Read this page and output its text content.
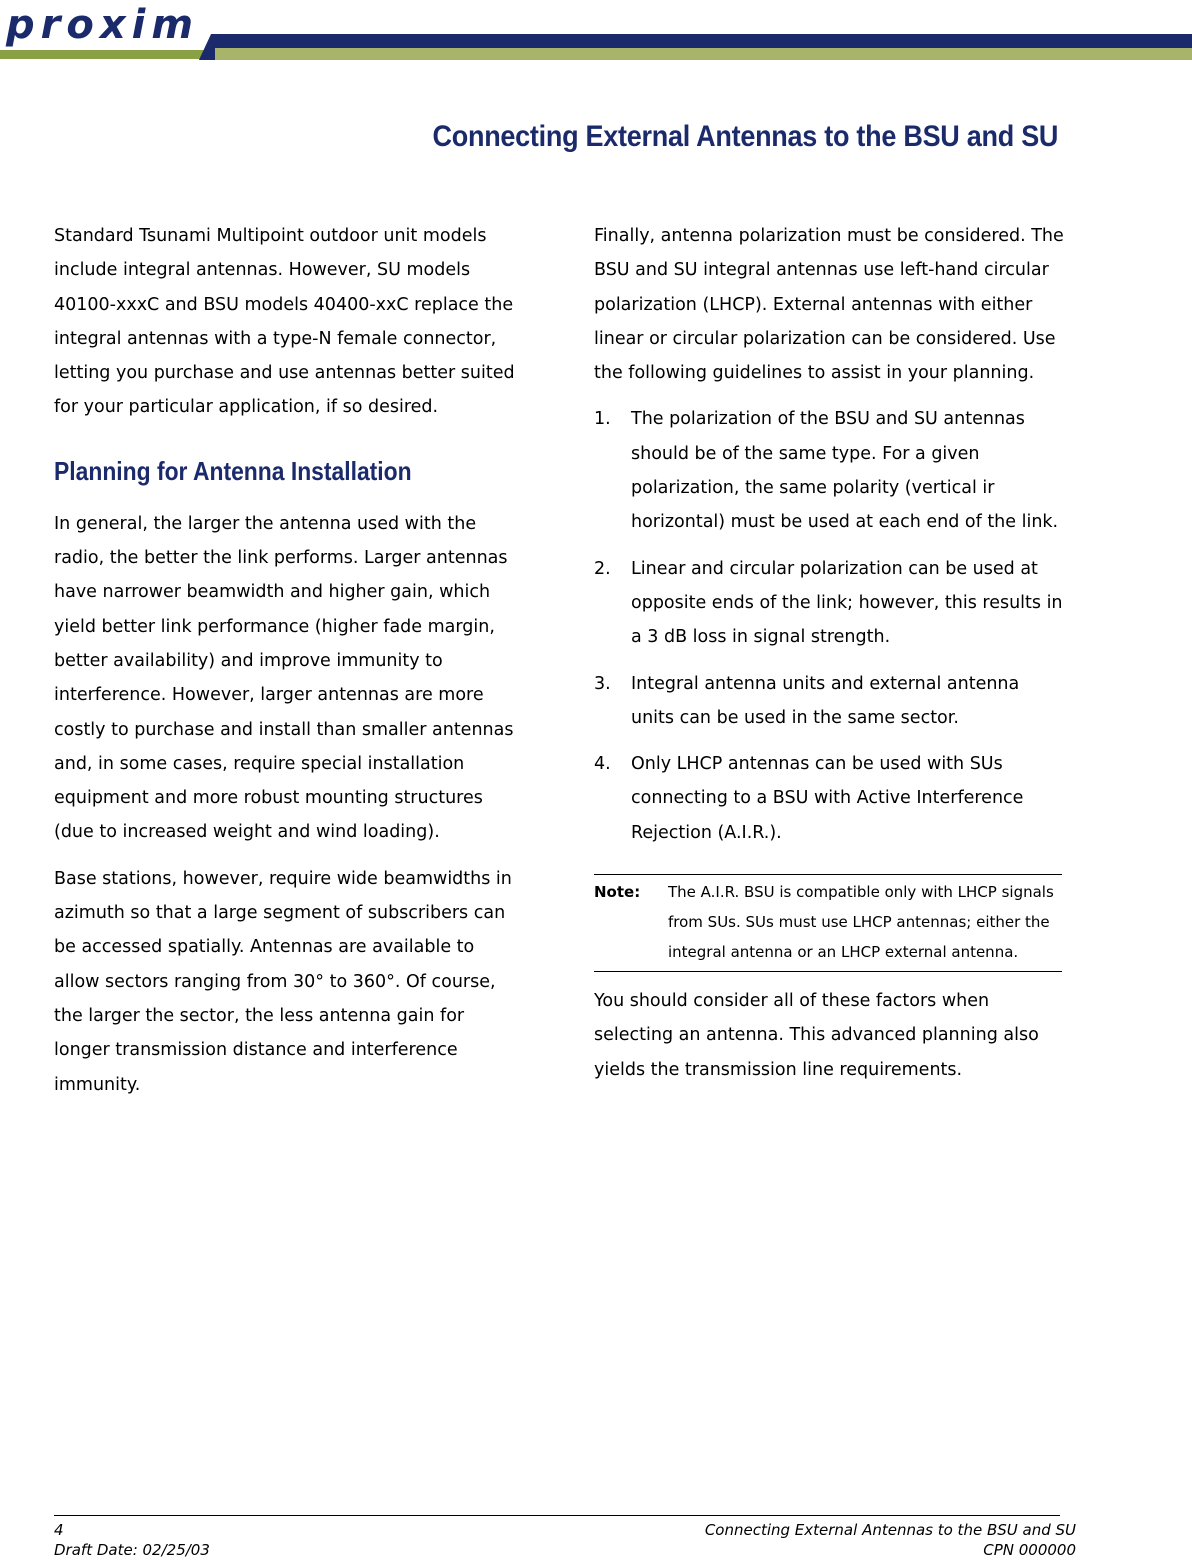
proxim
Connecting External Antennas to the BSU and SU

Standard Tsunami Multipoint outdoor unit models include integral antennas. However, SU models 40100-xxxC and BSU models 40400-xxC replace the integral antennas with a type-N female connector, letting you purchase and use antennas better suited for your particular application, if so desired.

Planning for Antenna Installation

In general, the larger the antenna used with the radio, the better the link performs. Larger antennas have narrower beamwidth and higher gain, which yield better link performance (higher fade margin, better availability) and improve immunity to interference. However, larger antennas are more costly to purchase and install than smaller antennas and, in some cases, require special installation equipment and more robust mounting structures (due to increased weight and wind loading).

Base stations, however, require wide beamwidths in azimuth so that a large segment of subscribers can be accessed spatially. Antennas are available to allow sectors ranging from 30° to 360°. Of course, the larger the sector, the less antenna gain for longer transmission distance and interference immunity.

Finally, antenna polarization must be considered. The BSU and SU integral antennas use left-hand circular polarization (LHCP). External antennas with either linear or circular polarization can be considered. Use the following guidelines to assist in your planning.

1. The polarization of the BSU and SU antennas should be of the same type. For a given polarization, the same polarity (vertical ir horizontal) must be used at each end of the link.
2. Linear and circular polarization can be used at opposite ends of the link; however, this results in a 3 dB loss in signal strength.
3. Integral antenna units and external antenna units can be used in the same sector.
4. Only LHCP antennas can be used with SUs connecting to a BSU with Active Interference Rejection (A.I.R.).
Note: The A.I.R. BSU is compatible only with LHCP signals from SUs. SUs must use LHCP antennas; either the integral antenna or an LHCP external antenna.

You should consider all of these factors when selecting an antenna. This advanced planning also yields the transmission line requirements.

4
Draft Date: 02/25/03
Connecting External Antennas to the BSU and SU
CPN 000000
